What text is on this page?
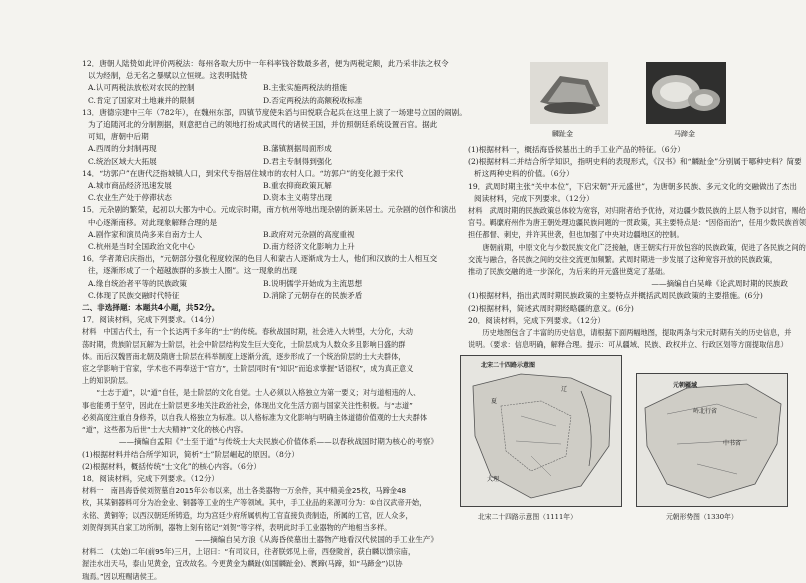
12．唐朝人陆贽如此评价两税法：每州各取大历中一年科率钱谷数最多者，便为两税定额，此乃采非法之权令
以为经制，总无名之暴赋以立恒规。这表明陆贽
A.认可两税法放松对农民的控制	B.主张实施两税法的措施
C.肯定了国家对土地兼并的限制	D.否定两税法的高额税收标准
13．唐德宗建中三年（782年），在魏州东部，四镇节度使朱滔与田悦联合起兵在这里上演了一场建号立国的闹剧。
为了追随河北的分制割据，则意把自己的领地打扮成武周代的诸侯王国，并仿照朝廷系统设置百官。据此
可知，唐朝中后期
A.西周的分封制再现	B.藩镇割据局面形成
C.统治区域大大拓展	D.君主专制得到强化
14．“坊郭户”在唐代泛指城镇人口，到宋代专指居住城市的农村人口。“坊郭户”的变化源于宋代
A.城市商品经济迅速发展	B.重农抑商政策瓦解
C.农业生产处于停滞状态	D.资本主义萌芽出现
15．元杂剧的繁荣，起初以大都为中心。元成宗时期，南方杭州等地出现杂剧的新来居士。元杂剧的创作和演出
中心逐渐南移。对此现象解释合理的是
A.剧作家和演员尚多来自南方士人	B.政府对元杂剧的高度重视
C.杭州是当时全国政治文化中心	D.南方经济文化影响力上升
16．学者萧启庆指出，“元朝部分强化程度较深的色目人和蒙古人逐渐成为士人，他们和汉族的士人相互交
往，逐渐形成了一个超越族群的多族士人圈”。这一现象的出现
A.缘自统治者平等的民族政策	B.说明儒学开始成为主流思想
C.体现了民族交融时代特征	D.消除了元朝存在的民族矛盾
二、非选择题：本题共4小题，共52分。
17．阅读材料，完成下列要求。（14分）
材料　中国古代士，有一个长达两千多年的“士”的传统。春秋战国时期，社会进入大转型，大分化，大动
荡时期，贵族阶层瓦解为士阶层，社会中阶层结构发生巨大变化，士阶层成为人数众多且影响日盛的群
体。而后汉魏晋南北朝及隋唐士阶层在科举制度上逐渐分流，逐步形成了一个统治阶层的士大夫群体，
宦之学影响于官家，学术也不再奉送于“官方”，士阶层同时有“知识”而追求掌握“话语权”，成为真正意义
上的知识阶层。
　　“士志于道”，以“道”自任，是士阶层的文化自觉。士人必须以入格独立为第一要义；对与道相违的人、
事也能勇于坚守，因此在士阶层更多地关注政治社会，体现出文化生活方面与国家关注性积极。与“志道”
必须高度注重自身修养，以自我人格独立为标准。以人格标准为文化影响与明确主体道德价值观的士大夫群体
“道”，这些都为后世“士大夫精神”文化的核心内容。
——摘编自孟阳《“士至于道”与传统士大夫民族心价值体系——以春秋战国时期为核心的考察》
(1)根据材料并结合所学知识，简析“士”阶层崛起的原因。（8分）
(2)根据材料，概括传统“士文化”的核心内容。（6分）
18．阅读材料，完成下列要求。（12分）
材料一　南昌海昏侯刘贺墓自2015年公布以来，出土各类器物一万余件，其中精美金25枚，马蹄金48
枚，其某铜器料可分为冶金业、铜器等工业的生产等领域。其中，手工业品的来源可分为：①自汉武帝开始，
永铭、黄铜等；以西汉朝廷所铸造，均为宫廷少府所属机构工官直接负责制造，所属的工官，匠人众多，
刘贺得到其自家工坊所制，器物上刻有铭记“刘贺”等字样，表明此时手工业器物的产地相当多样。
——摘编自吴方浪《从海昏侯墓出土器物产地看汉代侯国的手工业生产》
材料二　(太始)二年(前95年)三月，上诏曰：“有司议曰，往者朕郊见上帝，西登陇首，获白麟以馈宗庙，
渥洼水出天马，泰山见黄金，宜改故名。今更黄金为麟趾(如国麟趾金)、褭蹄(马蹄，如“马蹄金”)以协
瑞焉。”因以班赐诸侯王。
麟趾金	马蹄金
(1)根据材料一，概括海昏侯墓出土的手工业产品的特征。（6分）
(2)根据材料二并结合所学知识，指明史料的表现形式，《汉书》和“麟趾金”分别属于哪种史料？简要
析这两种史料的价值。（6分）
19．武周时期主张“关中本位”，下启宋朝”开元盛世”，为唐朝多民族、多元文化的交融做出了杰出
阅读材料，完成下列要求。（12分）
材料　武周时期的民族政策总体较为宽容，对归附者给予优待，对边疆少数民族的上层人物予以封官，赐给
官号。羁縻府州作为唐王朝处理边疆民族问题的一贯政策，其主要特点是：“因俗而治”，任用少数民族首领
担任都督、刺史，并许其世袭，但也加强了中央对边疆地区的控制。
　　唐朝前期，中原文化与少数民族文化广泛接触，唐王朝实行开放包容的民族政策，促进了各民族之间的
交流与融合，各民族之间的交往交流更加频繁。武周时期进一步发展了这种宽容开放的民族政策，
推动了民族交融的进一步深化，为后来的开元盛世奠定了基础。
——摘编自白吴峰《论武周时期的民族政
(1)根据材料，指出武周时期民族政策的主要特点并概括武周民族政策的主要措施。(6分)
(2)根据材料，简述武周时期经略疆的意义。(6分)
20．阅读材料，完成下列要求。（12分）
　　历史地图包含了丰富的历史信息，请根据下面两幅地图，提取两条与宋元时期有关的历史信息，并
说明。（要求：信息明确，解释合理。提示：可从疆域、民族、政权并立、行政区划等方面提取信息）
北宋二十四路示意图
夏
辽
大理
元朝疆域
岭北行省
中书省
北宋二十四路示意图（1111年）	元朝形势图（1330年）
